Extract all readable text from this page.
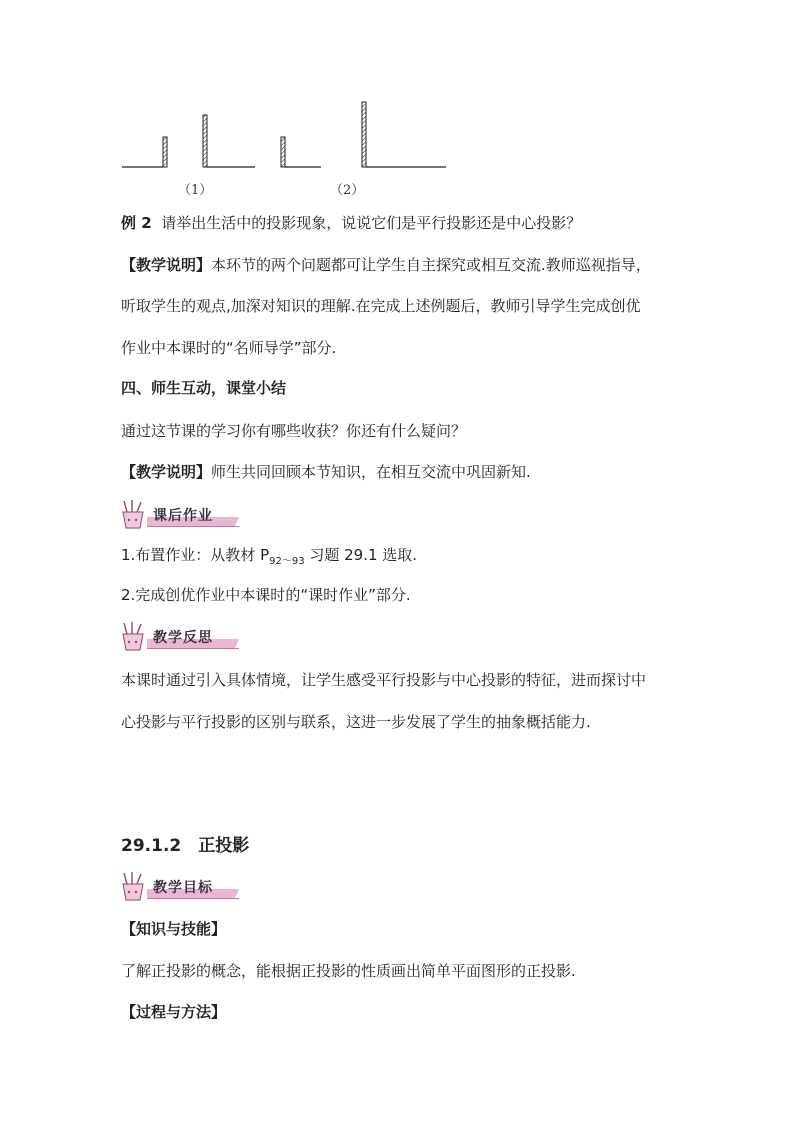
（1）	（2）
例 2 请举出生活中的投影现象，说说它们是平行投影还是中心投影？
【教学说明】本环节的两个问题都可让学生自主探究或相互交流.教师巡视指导，
听取学生的观点,加深对知识的理解.在完成上述例题后，教师引导学生完成创优
作业中本课时的“名师导学”部分.
四、师生互动，课堂小结
通过这节课的学习你有哪些收获？你还有什么疑问？
【教学说明】师生共同回顾本节知识，在相互交流中巩固新知.
课后作业
1.布置作业：从教材 $P_{92\sim 93}$ 习题 29.1 选取.
2.完成创优作业中本课时的“课时作业”部分.
教学反思
本课时通过引入具体情境，让学生感受平行投影与中心投影的特征，进而探讨中
心投影与平行投影的区别与联系，这进一步发展了学生的抽象概括能力.
29.1.2　正投影
教学目标
【知识与技能】
了解正投影的概念，能根据正投影的性质画出简单平面图形的正投影.
【过程与方法】
